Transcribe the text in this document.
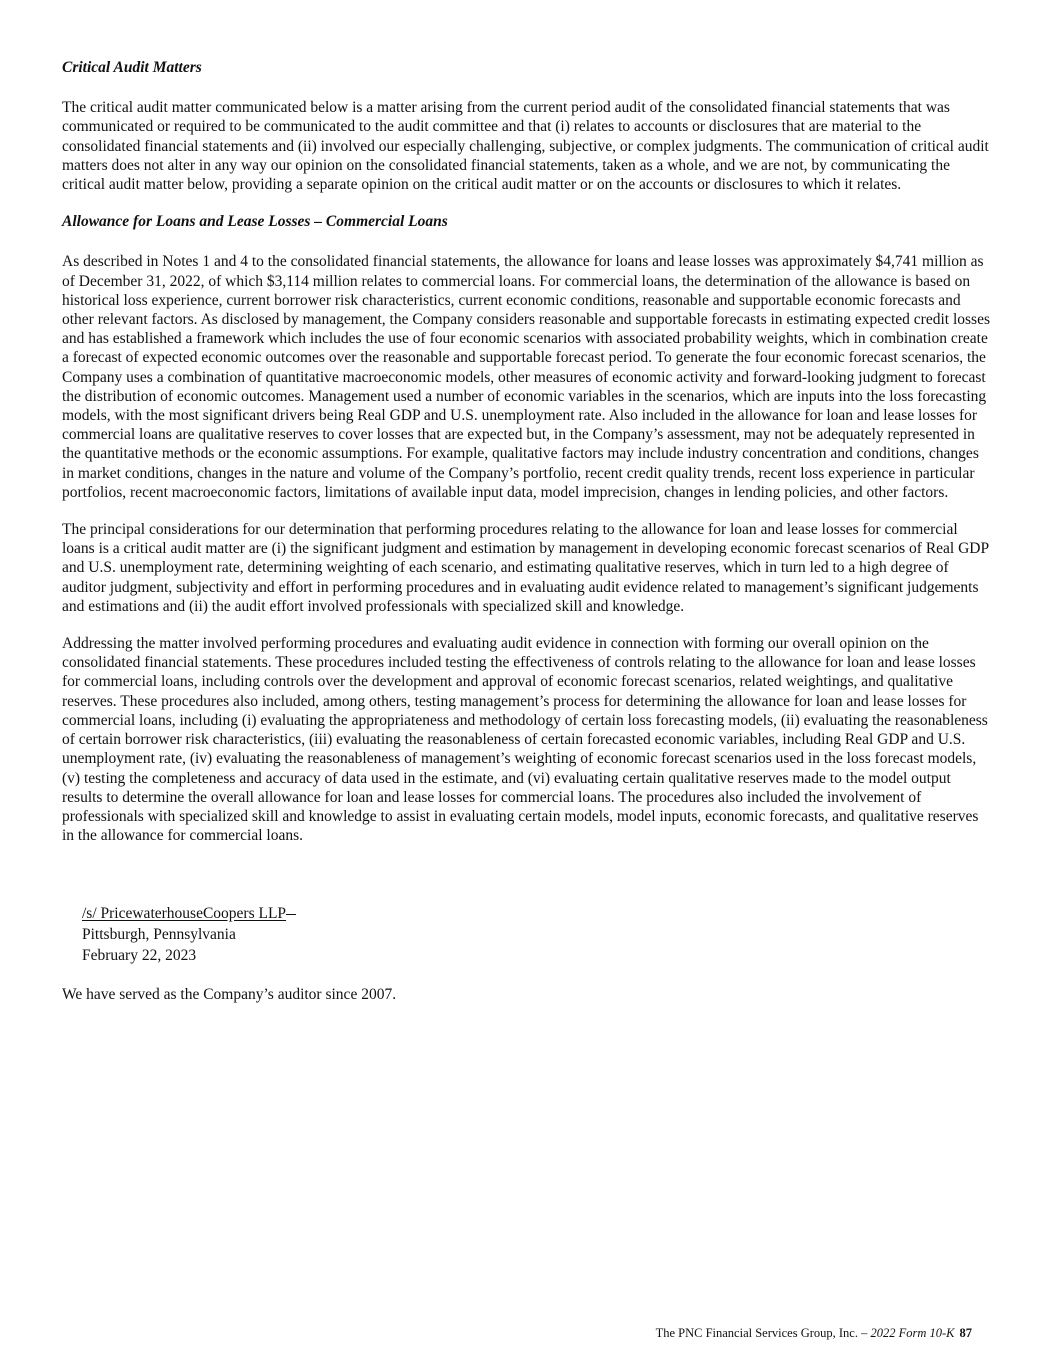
Critical Audit Matters

The critical audit matter communicated below is a matter arising from the current period audit of the consolidated financial statements that was communicated or required to be communicated to the audit committee and that (i) relates to accounts or disclosures that are material to the consolidated financial statements and (ii) involved our especially challenging, subjective, or complex judgments. The communication of critical audit matters does not alter in any way our opinion on the consolidated financial statements, taken as a whole, and we are not, by communicating the critical audit matter below, providing a separate opinion on the critical audit matter or on the accounts or disclosures to which it relates.

Allowance for Loans and Lease Losses – Commercial Loans

As described in Notes 1 and 4 to the consolidated financial statements, the allowance for loans and lease losses was approximately $4,741 million as of December 31, 2022, of which $3,114 million relates to commercial loans. For commercial loans, the determination of the allowance is based on historical loss experience, current borrower risk characteristics, current economic conditions, reasonable and supportable economic forecasts and other relevant factors. As disclosed by management, the Company considers reasonable and supportable forecasts in estimating expected credit losses and has established a framework which includes the use of four economic scenarios with associated probability weights, which in combination create a forecast of expected economic outcomes over the reasonable and supportable forecast period. To generate the four economic forecast scenarios, the Company uses a combination of quantitative macroeconomic models, other measures of economic activity and forward-looking judgment to forecast the distribution of economic outcomes. Management used a number of economic variables in the scenarios, which are inputs into the loss forecasting models, with the most significant drivers being Real GDP and U.S. unemployment rate. Also included in the allowance for loan and lease losses for commercial loans are qualitative reserves to cover losses that are expected but, in the Company’s assessment, may not be adequately represented in the quantitative methods or the economic assumptions. For example, qualitative factors may include industry concentration and conditions, changes in market conditions, changes in the nature and volume of the Company’s portfolio, recent credit quality trends, recent loss experience in particular portfolios, recent macroeconomic factors, limitations of available input data, model imprecision, changes in lending policies, and other factors.

The principal considerations for our determination that performing procedures relating to the allowance for loan and lease losses for commercial loans is a critical audit matter are (i) the significant judgment and estimation by management in developing economic forecast scenarios of Real GDP and U.S. unemployment rate, determining weighting of each scenario, and estimating qualitative reserves, which in turn led to a high degree of auditor judgment, subjectivity and effort in performing procedures and in evaluating audit evidence related to management’s significant judgements and estimations and (ii) the audit effort involved professionals with specialized skill and knowledge.

Addressing the matter involved performing procedures and evaluating audit evidence in connection with forming our overall opinion on the consolidated financial statements. These procedures included testing the effectiveness of controls relating to the allowance for loan and lease losses for commercial loans, including controls over the development and approval of economic forecast scenarios, related weightings, and qualitative reserves. These procedures also included, among others, testing management’s process for determining the allowance for loan and lease losses for commercial loans, including (i) evaluating the appropriateness and methodology of certain loss forecasting models, (ii) evaluating the reasonableness of certain borrower risk characteristics, (iii) evaluating the reasonableness of certain forecasted economic variables, including Real GDP and U.S. unemployment rate, (iv) evaluating the reasonableness of management’s weighting of economic forecast scenarios used in the loss forecast models, (v) testing the completeness and accuracy of data used in the estimate, and (vi) evaluating certain qualitative reserves made to the model output results to determine the overall allowance for loan and lease losses for commercial loans. The procedures also included the involvement of professionals with specialized skill and knowledge to assist in evaluating certain models, model inputs, economic forecasts, and qualitative reserves in the allowance for commercial loans.

/s/ PricewaterhouseCoopers LLP
Pittsburgh, Pennsylvania
February 22, 2023

We have served as the Company’s auditor since 2007.

The PNC Financial Services Group, Inc. – 2022 Form 10-K 87
